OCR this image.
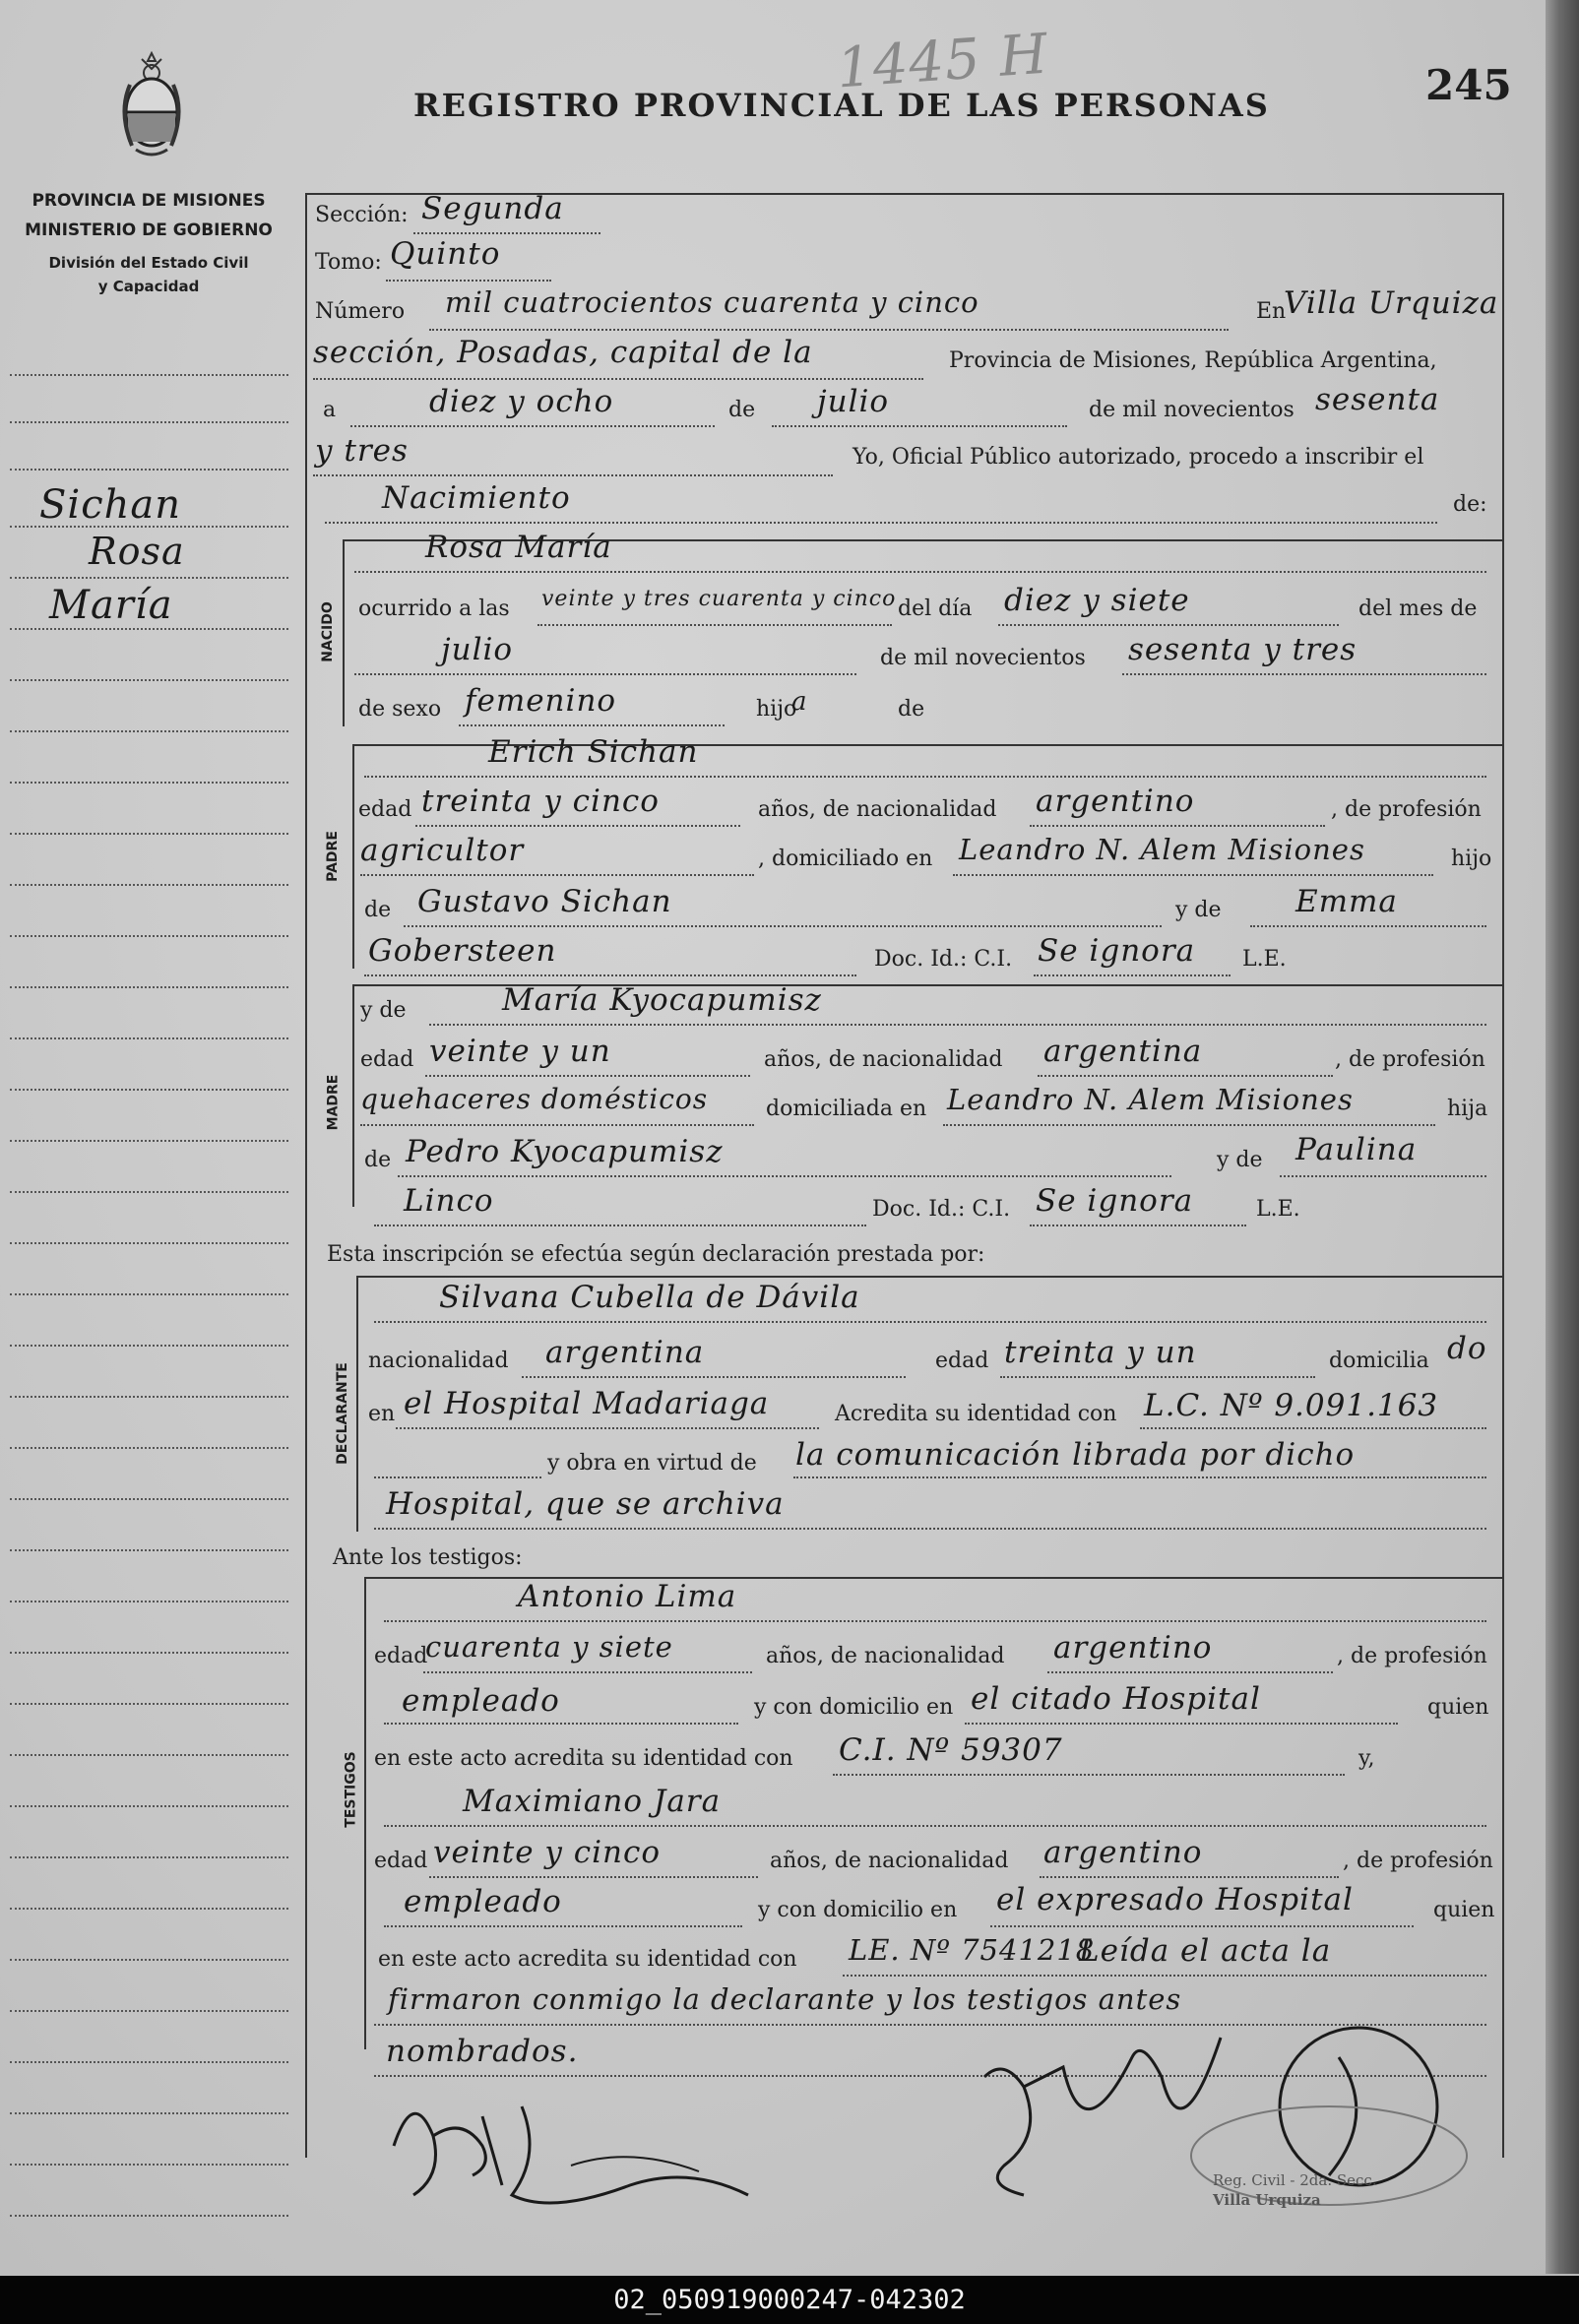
PROVINCIA DE MISIONES
MINISTERIO DE GOBIERNO
División del Estado Civil
y Capacidad
REGISTRO PROVINCIAL DE LAS PERSONAS	245
1445 H
Sichan
Rosa
María	NACIDO
PADRE
MADRE
DECLARANTE
TESTIGOS
Sección: Segunda
Tomo: Quinto
Número mil cuatrocientos cuarenta y cinco	En
Villa Urquiza
sección, Posadas, capital de la	Provincia de Misiones, República Argentina,
a	diez y ocho	de julio	de mil novecientos sesenta
y tres	Yo, Oficial Público autorizado, procedo a inscribir el
Nacimiento	de:
Rosa María
ocurrido a las veinte y tres cuarenta y cinco del día diez y siete	del mes de
julio	de mil novecientos sesenta y tres
de sexo femenino	hijo
a	de
Erich Sichan
edad treinta y cinco	años, de nacionalidad argentino	, de profesión
agricultor	, domiciliado en Leandro N. Alem Misiones	hijo
de Gustavo Sichan	y de Emma
Gobersteen	Doc. Id.: C.I. Se ignora L.E.
y de	María Kyocapumisz
edad veinte y un	años, de nacionalidad argentina	, de profesión
quehaceres domésticos	domiciliada en Leandro N. Alem Misiones	hija
de Pedro Kyocapumisz	y de Paulina
Linco	Doc. Id.: C.I. Se ignora	L.E.
Esta inscripción se efectúa según declaración prestada por:
Silvana Cubella de Dávila
nacionalidad argentina	edad treinta y un	domicilia do
en el Hospital Madariaga	Acredita su identidad con L.C. Nº 9.091.163
y obra en virtud de la comunicación librada por dicho
Hospital, que se archiva
Ante los testigos:
Antonio Lima
edad
cuarenta y siete	años, de nacionalidad argentino	, de profesión
empleado	y con domicilio en el citado Hospital	quien
en este acto acredita su identidad con C.I. Nº 59307	y,
Maximiano Jara
edad veinte y cinco	años, de nacionalidad argentino	, de profesión
empleado	y con domicilio en el expresado Hospital	quien
en este acto acredita su identidad con LE. Nº 7541218
Leída el acta la
firmaron conmigo la declarante y los testigos antes
nombrados.
Reg. Civil - 2da. Secc.
Villa Urquiza
02_050919000247-042302
